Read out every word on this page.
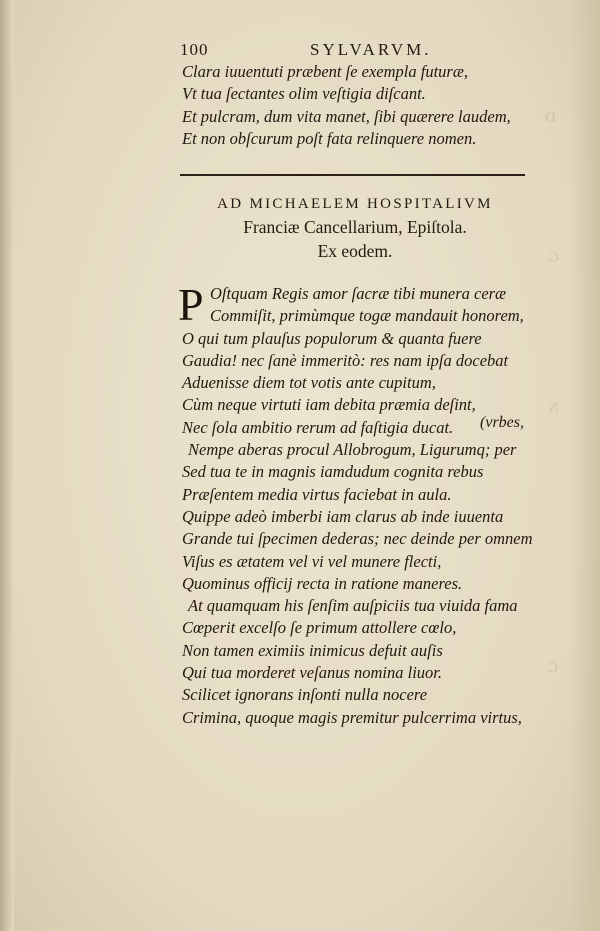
D
G
N
C
100	SYLVARVM.
Clara iuuentuti præbent ſe exempla futuræ,
Vt tua ſectantes olim veſtigia diſcant.
Et pulcram, dum vita manet, ſibi quærere laudem,
Et non obſcurum poſt fata relinquere nomen.
AD MICHAELEM HOSPITALIVM
Franciæ Cancellarium, Epiſtola.
Ex eodem.
P Oſtquam Regis amor ſacræ tibi munera ceræ
Commiſit, primùmque togæ mandauit honorem,
O qui tum plauſus populorum & quanta fuere
Gaudia! nec ſanè immeritò: res nam ipſa docebat
Aduenisse diem tot votis ante cupitum,
Cùm neque virtuti iam debita præmia deſint,
Nec ſola ambitio rerum ad faſtigia ducat.
Nempe aberas procul Allobrogum, Ligurumq; per
Sed tua te in magnis iamdudum cognita rebus
Præſentem media virtus faciebat in aula.
Quippe adeò imberbi iam clarus ab inde iuuenta
Grande tui ſpecimen dederas; nec deinde per omnem
Viſus es ætatem vel vi vel munere flecti,
Quominus officij recta in ratione maneres.
At quamquam his ſenſim auſpiciis tua viuida fama
Cœperit excelſo ſe primum attollere cœlo,
Non tamen eximiis inimicus defuit auſis
Qui tua morderet veſanus nomina liuor.
Scilicet ignorans inſonti nulla nocere
Crimina, quoque magis premitur pulcerrima virtus,
(vrbes,
